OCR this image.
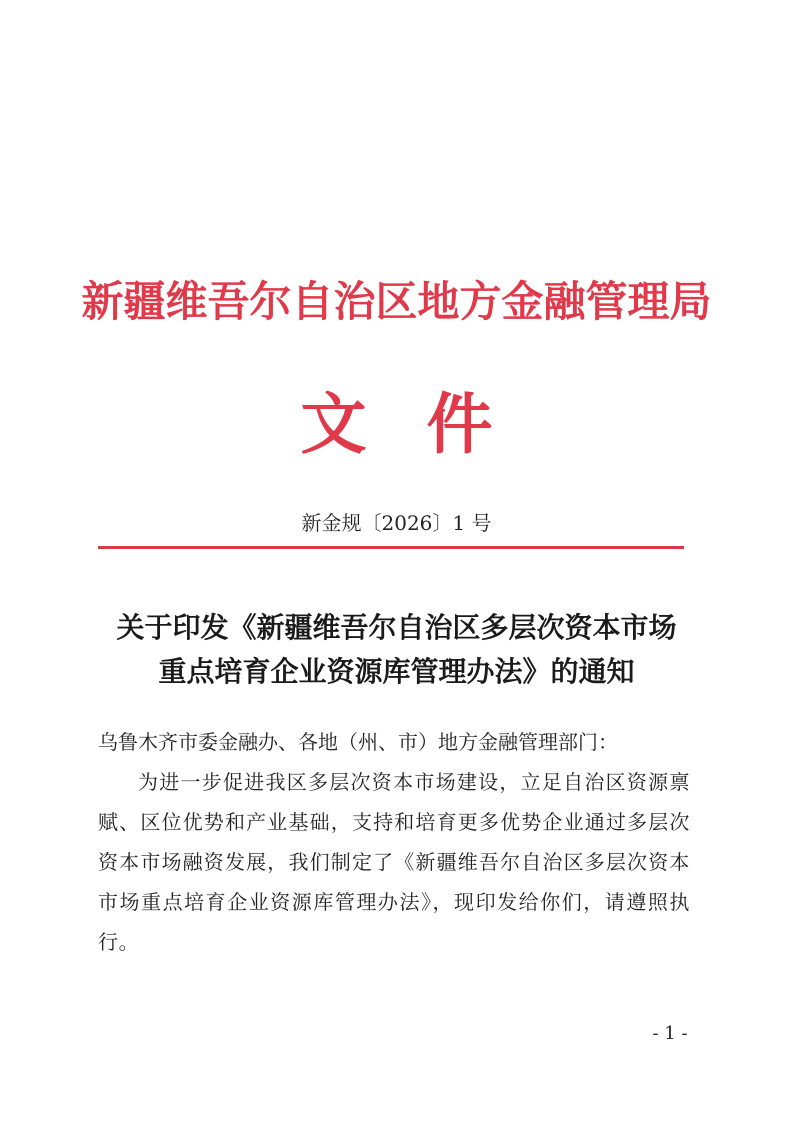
新疆维吾尔自治区地方金融管理局
文件
新金规〔2026〕1 号
关于印发《新疆维吾尔自治区多层次资本市场
重点培育企业资源库管理办法》的通知
乌鲁木齐市委金融办、各地（州、市）地方金融管理部门：
为进一步促进我区多层次资本市场建设，立足自治区资源禀赋、区位优势和产业基础，支持和培育更多优势企业通过多层次资本市场融资发展，我们制定了《新疆维吾尔自治区多层次资本市场重点培育企业资源库管理办法》，现印发给你们，请遵照执行。
- 1 -
